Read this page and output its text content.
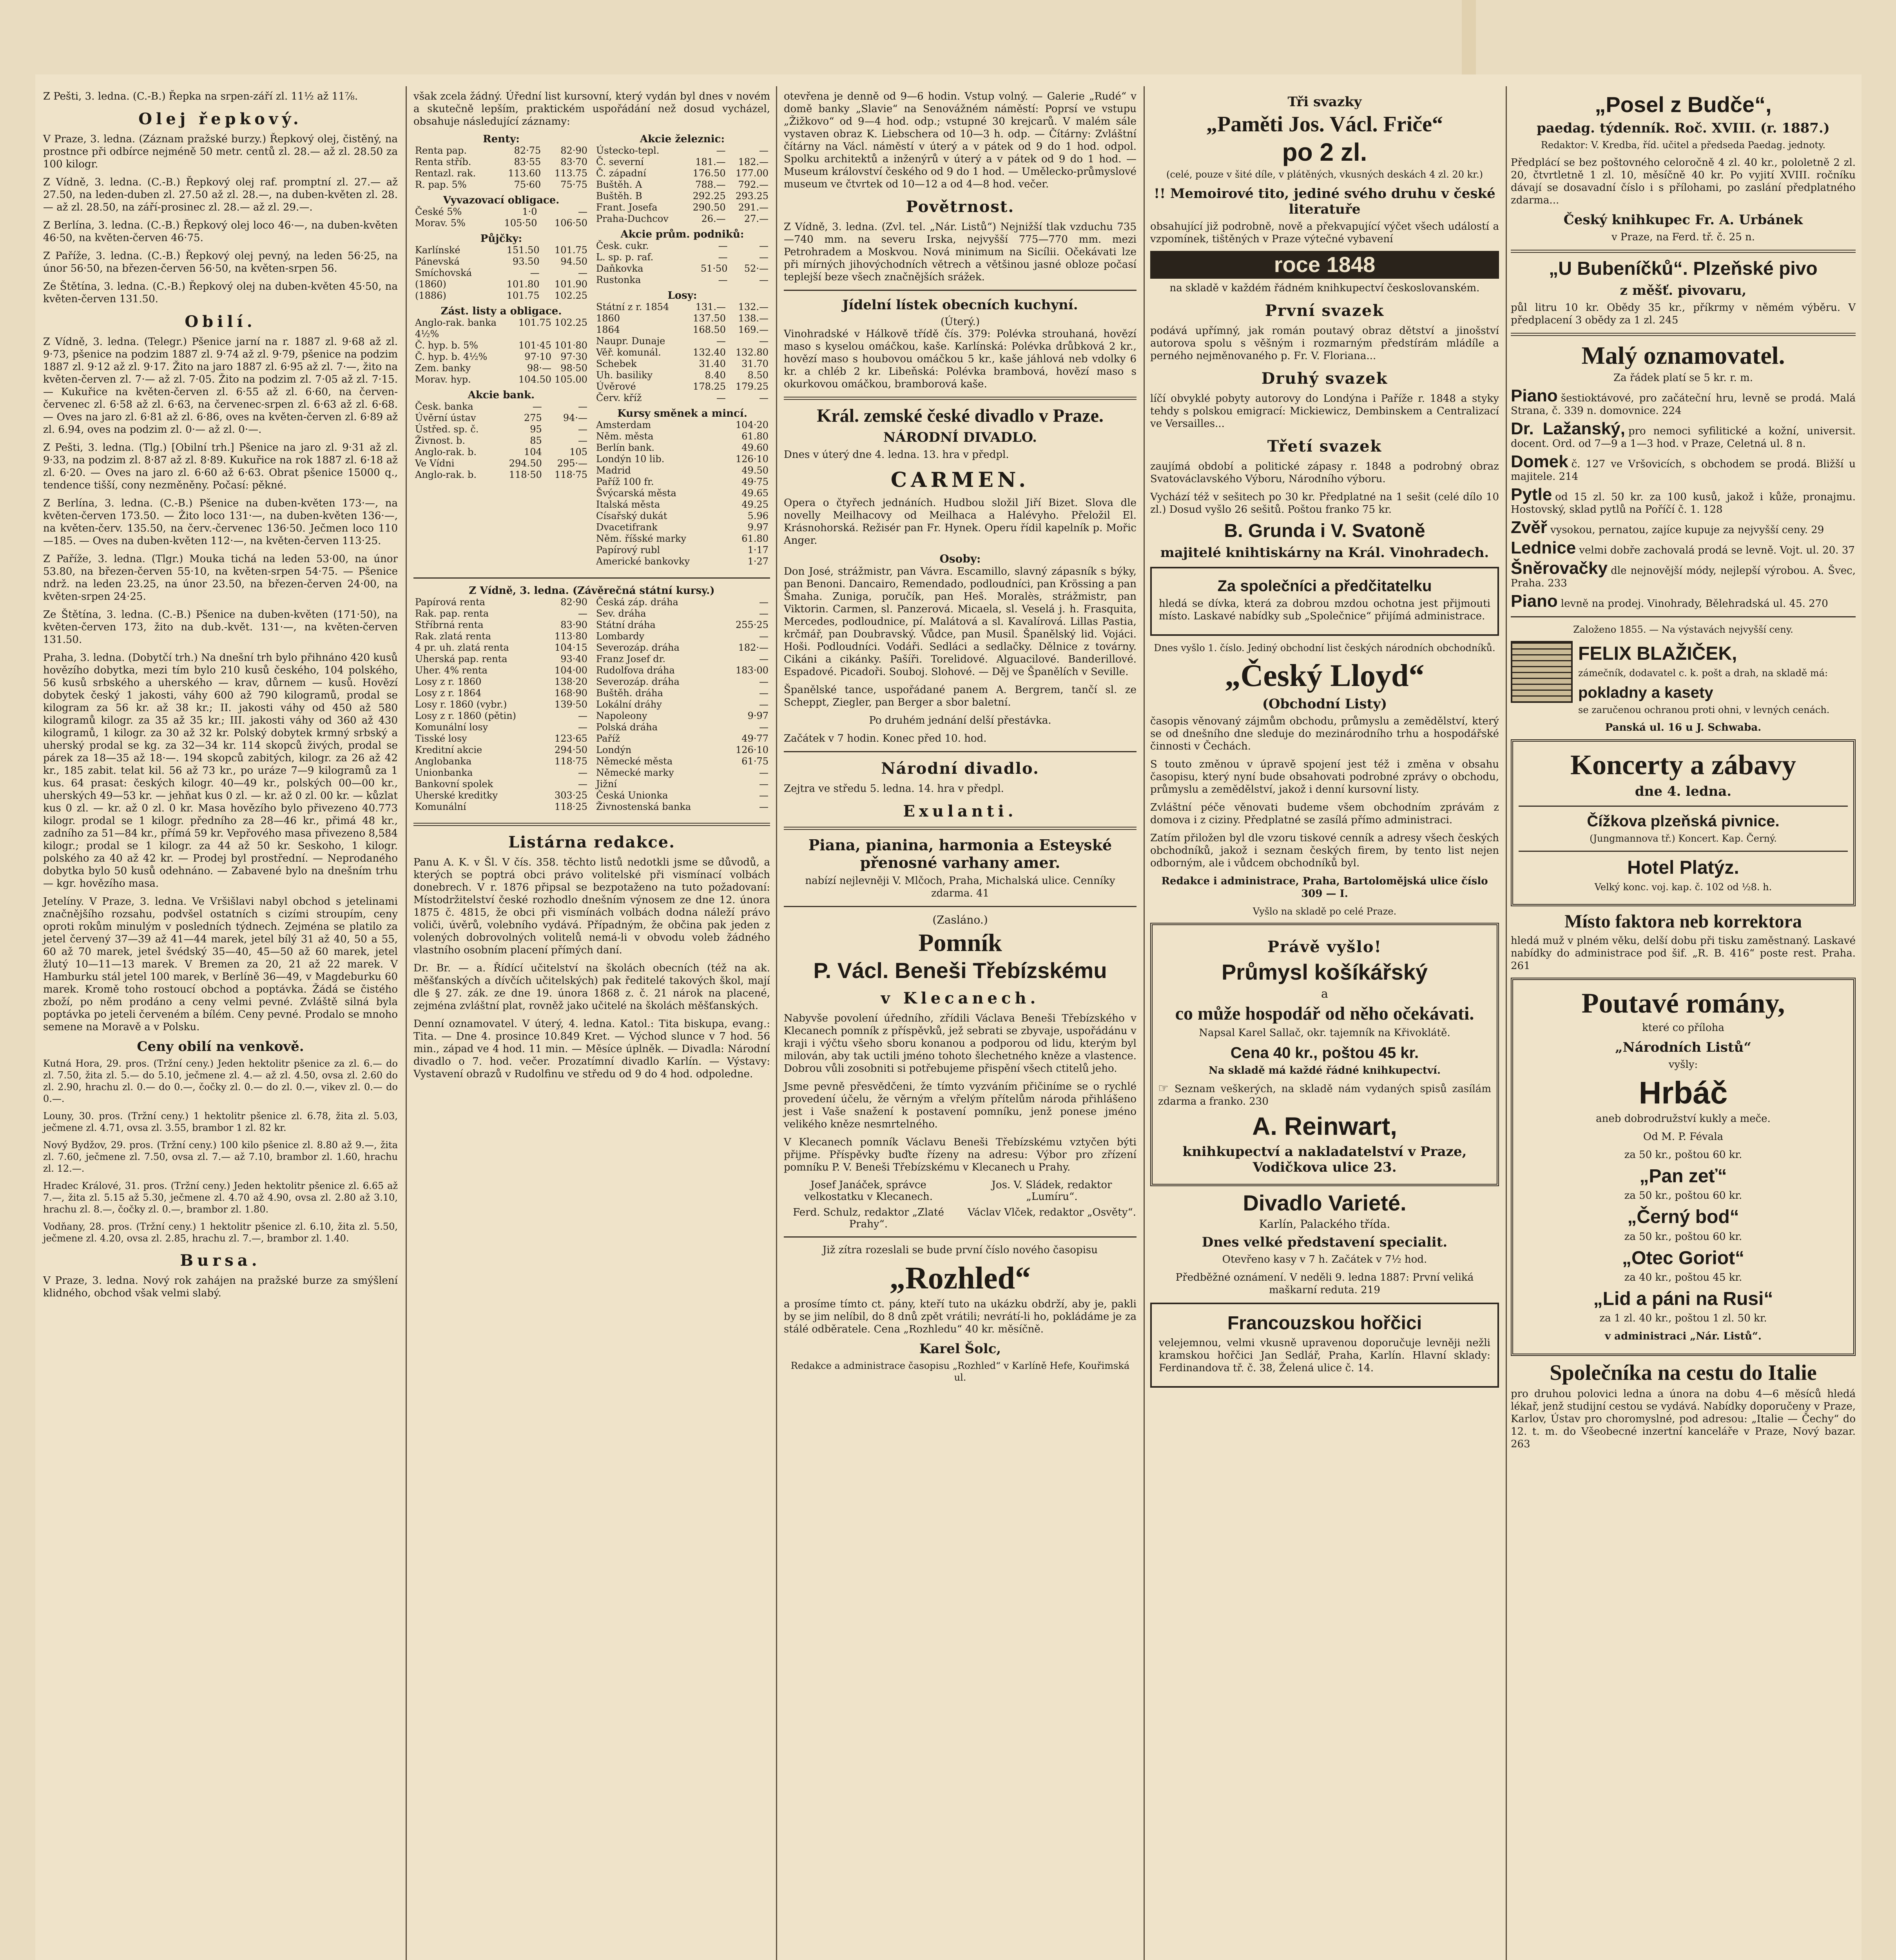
Z Pešti, 3. ledna. (C.-B.) Řepka na srpen-září zl. 11½ až 11⅞.

Olej řepkový.

V Praze, 3. ledna. (Záznam pražské burzy.) Řepkový olej, čistěný, na prostnce při odbírce nejméně 50 metr. centů zl. 28.— až zl. 28.50 za 100 kilogr.

Z Vídně, 3. ledna. (C.-B.) Řepkový olej raf. promptní zl. 27.— až 27.50, na leden-duben zl. 27.50 až zl. 28.—, na duben-květen zl. 28.— až zl. 28.50, na září-prosinec zl. 28.— až zl. 29.—.

Z Berlína, 3. ledna. (C.-B.) Řepkový olej loco 46·—, na duben-květen 46·50, na květen-červen 46·75.

Z Paříže, 3. ledna. (C.-B.) Řepkový olej pevný, na leden 56·25, na únor 56·50, na březen-červen 56·50, na květen-srpen 56.

Ze Štětína, 3. ledna. (C.-B.) Řepkový olej na duben-květen 45·50, na květen-červen 131.50.

Obilí.

Z Vídně, 3. ledna. (Telegr.) Pšenice jarní na r. 1887 zl. 9·68 až zl. 9·73, pšenice na podzim 1887 zl. 9·74 až zl. 9·79, pšenice na podzim 1887 zl. 9·12 až zl. 9·17. Žito na jaro 1887 zl. 6·95 až zl. 7·—, žito na květen-červen zl. 7·— až zl. 7·05. Žito na podzim zl. 7·05 až zl. 7·15. — Kukuřice na květen-červen zl. 6·55 až zl. 6·60, na červen-červenec zl. 6·58 až zl. 6·63, na červenec-srpen zl. 6·63 až zl. 6·68. — Oves na jaro zl. 6·81 až zl. 6·86, oves na květen-červen zl. 6·89 až zl. 6.94, oves na podzim zl. 0·— až zl. 0·—.

Z Pešti, 3. ledna. (Tlg.) [Obilní trh.] Pšenice na jaro zl. 9·31 až zl. 9·33, na podzim zl. 8·87 až zl. 8·89. Kukuřice na rok 1887 zl. 6·18 až zl. 6·20. — Oves na jaro zl. 6·60 až 6·63. Obrat pšenice 15000 q., tendence tišší, cony nezměněny. Počasí: pěkné.

Z Berlína, 3. ledna. (C.-B.) Pšenice na duben-květen 173·—, na květen-červen 173.50. — Žito loco 131·—, na duben-květen 136·—, na květen-červ. 135.50, na červ.-červenec 136·50. Ječmen loco 110—185. — Oves na duben-květen 112·—, na květen-červen 113·25.

Z Paříže, 3. ledna. (Tlgr.) Mouka tichá na leden 53·00, na únor 53.80, na březen-červen 55·10, na květen-srpen 54·75. — Pšenice ndrž. na leden 23.25, na únor 23.50, na březen-červen 24·00, na květen-srpen 24·25.

Ze Štětína, 3. ledna. (C.-B.) Pšenice na duben-květen (171·50), na květen-červen 173, žito na dub.-květ. 131·—, na květen-červen 131.50.

Praha, 3. ledna. (Dobytčí trh.) Na dnešní trh bylo přihnáno 420 kusů hovězího dobytka, mezi tím bylo 210 kusů českého, 104 polského, 56 kusů srbského a uherského — krav, důrnem — kusů. Hovězí dobytek český 1 jakosti, váhy 600 až 790 kilogramů, prodal se kilogram za 56 kr. až 38 kr.; II. jakosti váhy od 450 až 580 kilogramů kilogr. za 35 až 35 kr.; III. jakosti váhy od 360 až 430 kilogramů, 1 kilogr. za 30 až 32 kr. Polský dobytek krmný srbský a uherský prodal se kg. za 32—34 kr. 114 skopců živých, prodal se párek za 18—35 až 18·—. 194 skopců zabitých, kilogr. za 26 až 42 kr., 185 zabit. telat kil. 56 až 73 kr., po uráze 7—9 kilogramů za 1 kus. 64 prasat: českých kilogr. 40—49 kr., polských 00—00 kr., uherských 49—53 kr. — jehňat kus 0 zl. — kr. až 0 zl. 00 kr. — kůzlat kus 0 zl. — kr. až 0 zl. 0 kr. Masa hovězího bylo přivezeno 40.773 kilogr. prodal se 1 kilogr. předního za 28—46 kr., přimá 48 kr., zadního za 51—84 kr., přímá 59 kr. Vepřového masa přivezeno 8,584 kilogr.; prodal se 1 kilogr. za 44 až 50 kr. Seskoho, 1 kilogr. polského za 40 až 42 kr. — Prodej byl prostřední. — Neprodaného dobytka bylo 50 kusů odehnáno. — Zabavené bylo na dnešním trhu — kgr. hovězího masa.

Jetelíny. V Praze, 3. ledna. Ve Vršišlavi nabyl obchod s jetelinami značnějšího rozsahu, podvšel ostatních s cizími stroupím, ceny oproti rokům minulým v posledních týdnech. Zejména se platilo za jetel červený 37—39 až 41—44 marek, jetel bílý 31 až 40, 50 a 55, 60 až 70 marek, jetel švédský 35—40, 45—50 až 60 marek, jetel žlutý 10—11—13 marek. V Bremen za 20, 21 až 22 marek. V Hamburku stál jetel 100 marek, v Berlíně 36—49, v Magdeburku 60 marek. Kromě toho rostoucí obchod a poptávka. Žádá se čistého zboží, po něm prodáno a ceny velmi pevné. Zvláště silná byla poptávka po jeteli červeném a bílém. Ceny pevné. Prodalo se mnoho semene na Moravě a v Polsku.

Ceny obilí na venkově.

Kutná Hora, 29. pros. (Tržní ceny.) Jeden hektolitr pšenice za zl. 6.— do zl. 7.50, žita zl. 5.— do 5.10, ječmene zl. 4.— až zl. 4.50, ovsa zl. 2.60 do zl. 2.90, hrachu zl. 0.— do 0.—, čočky zl. 0.— do zl. 0.—, vikev zl. 0.— do 0.—.

Louny, 30. pros. (Tržní ceny.) 1 hektolitr pšenice zl. 6.78, žita zl. 5.03, ječmene zl. 4.71, ovsa zl. 3.55, brambor 1 zl. 82 kr.

Nový Bydžov, 29. pros. (Tržní ceny.) 100 kilo pšenice zl. 8.80 až 9.—, žita zl. 7.60, ječmene zl. 7.50, ovsa zl. 7.— až 7.10, brambor zl. 1.60, hrachu zl. 12.—.

Hradec Králové, 31. pros. (Tržní ceny.) Jeden hektolitr pšenice zl. 6.65 až 7.—, žita zl. 5.15 až 5.30, ječmene zl. 4.70 až 4.90, ovsa zl. 2.80 až 3.10, hrachu zl. 8.—, čočky zl. 0.—, brambor zl. 1.80.

Vodňany, 28. pros. (Tržní ceny.) 1 hektolitr pšenice zl. 6.10, žita zl. 5.50, ječmene zl. 4.20, ovsa zl. 2.85, hrachu zl. 7.—, brambor zl. 1.40.

Bursa.

V Praze, 3. ledna. Nový rok zahájen na pražské burze za smýšlení klidného, obchod však velmi slabý.

však zcela žádný. Úřední list kursovní, který vydán byl dnes v novém a skutečně lepším, praktickém uspořádání než dosud vycházel, obsahuje následující záznamy:

Renty:
Renta pap.	82·75	82·90
Renta stříb.	83·55	83·70
Rentazl. rak.	113.60	113.75
R. pap. 5%	75·60	75·75
Vyvazovací obligace.
České 5%	1·0	—
Morav. 5%	105·50	106·50
Půjčky:
Karlínské	151.50	101.75
Pánevská	93.50	94.50
Smíchovská	—	—
(1860)	101.80	101.90
(1886)	101.75	102.25
Zást. listy a obligace.
Anglo-rak. banka 4½%	101.75	102.25
Č. hyp. b. 5%	101·45	101·80
Č. hyp. b. 4½%	97·10	97·30
Zem. banky	98·—	98·50
Morav. hyp.	104.50	105.00
Akcie bank.
Česk. banka	—	—
Úvěrní ústav	275	94·—
Ústřed. sp. č.	95	—
Živnost. b.	85	—
Anglo-rak. b.	104	105
Ve Vídni	294.50	295·—
Anglo-rak. b.	118·50	118·75
Akcie železnic:
Ústecko-tepl.	—	—
Č. severní	181.—	182.—
Č. západní	176.50	177.00
Buštěh. A	788.—	792.—
Buštěh. B	292.25	293.25
Frant. Josefa	290.50	291.—
Praha-Duchcov	26.—	27.—
Akcie prům. podniků:
Česk. cukr.	—	—
L. sp. p. raf.	—	—
Daňkovka	51·50	52·—
Rustonka	—	—
Losy:
Státní z r. 1854	131.—	132.—
1860	137.50	138.—
1864	168.50	169.—
Naupr. Dunaje	—	—
Věř. komunál.	132.40	132.80
Schebek	31.40	31.70
Uh. basiliky	8.40	8.50
Úvěrové	178.25	179.25
Červ. kříž	—	—
Kursy směnek a mincí.
Amsterdam	104·20
Něm. města	61.80
Berlín bank.	49.60
Londýn 10 lib.	126·10
Madrid	49.50
Paříž 100 fr.	49·75
Švýcarská města	49.65
Italská města	49.25
Císařský dukát	5.96
Dvacetifrank	9.97
Něm. říšské marky	61.80
Papírový rubl	1·17
Americké bankovky	1·27
Z Vídně, 3. ledna. (Závěrečná státní kursy.)
Papírová renta	82·90
Rak. pap. renta	—
Stříbrná renta	83·90
Rak. zlatá renta	113·80
4 pr. uh. zlatá renta	104·15
Uherská pap. renta	93·40
Uher. 4% renta	104·00
Losy z r. 1860	138·20
Losy z r. 1864	168·90
Losy r. 1860 (vybr.)	139·50
Losy z r. 1860 (pětin)	—
Komunální losy	—
Tisské losy	123·65
Kreditní akcie	294·50
Anglobanka	118·75
Unionbanka	—
Bankovní spolek	—
Uherské kreditky	303·25
Komunální	118·25
Česká záp. dráha	—
Sev. dráha	—
Státní dráha	255·25
Lombardy	—
Severozáp. dráha	182·—
Franz Josef dr.	—
Rudolfova dráha	183·00
Severozáp. dráha	—
Buštěh. dráha	—
Lokální dráhy	—
Napoleony	9·97
Polská dráha	—
Paříž	49·77
Londýn	126·10
Německé města	61·75
Německé marky	—
Jižní	—
Česká Unionka	—
Živnostenská banka	—
Listárna redakce.

Panu A. K. v Šl. V čís. 358. těchto listů nedotkli jsme se důvodů, a kterých se poptrá obci právo volitelské při vismínací volbách donebrech. V r. 1876 připsal se bezpotaženo na tuto požadovaní: Místodržitelství české rozhodlo dnešním výnosem ze dne 12. února 1875 č. 4815, že obci při vismínách volbách dodna náleží právo voliči, úvěrů, volebního vydává. Případným, že občina pak jeden z volených dobrovolných volitelů nemá-li v obvodu voleb žádného vlastního osobním placení přímých daní.

Dr. Br. — a. Řídící učitelství na školách obecních (též na ak. měšťanských a dívčích učitelských) pak ředitelé takových škol, mají dle § 27. zák. ze dne 19. února 1868 z. č. 21 nárok na placené, zejména zvláštní plat, rovněž jako učitelé na školách měšťanských.

Denní oznamovatel. V úterý, 4. ledna. Katol.: Tita biskupa, evang.: Tita. — Dne 4. prosince 10.849 Kret. — Východ slunce v 7 hod. 56 min., západ ve 4 hod. 11 min. — Měsíce úplněk. — Divadla: Národní divadlo o 7. hod. večer. Prozatímní divadlo Karlín. — Výstavy: Vystavení obrazů v Rudolfinu ve středu od 9 do 4 hod. odpoledne.

otevřena je denně od 9—6 hodin. Vstup volný. — Galerie „Rudé“ v domě banky „Slavie“ na Senovážném náměstí: Poprsí ve vstupu „Žižkovo“ od 9—4 hod. odp.; vstupné 30 krejcarů. V malém sále vystaven obraz K. Liebschera od 10—3 h. odp. — Čítárny: Zvláštní čítárny na Václ. náměstí v úterý a v pátek od 9 do 1 hod. odpol. Spolku architektů a inženýrů v úterý a v pátek od 9 do 1 hod. — Museum království českého od 9 do 1 hod. — Umělecko-průmyslové museum ve čtvrtek od 10—12 a od 4—8 hod. večer.

Povětrnost.

Z Vídně, 3. ledna. (Zvl. tel. „Nár. Listů“) Nejnižší tlak vzduchu 735—740 mm. na severu Irska, nejvyšší 775—770 mm. mezi Petrohradem a Moskvou. Nová minimum na Sicílii. Očekávati lze při mírných jihovýchodních větrech a většinou jasné obloze počasí teplejší beze všech značnějších srážek.

Jídelní lístek obecních kuchyní.
(Úterý.)

Vinohradské v Hálkově třídě čís. 379: Polévka strouhaná, hovězí maso s kyselou omáčkou, kaše. Karlínská: Polévka drůbková 2 kr., hovězí maso s houbovou omáčkou 5 kr., kaše jáhlová neb vdolky 6 kr. a chléb 2 kr. Libeňská: Polévka brambová, hovězí maso s okurkovou omáčkou, bramborová kaše.

Král. zemské české divadlo v Praze.
NÁRODNÍ DIVADLO.

Dnes v úterý dne 4. ledna. 13. hra v předpl.

CARMEN.

Opera o čtyřech jednáních. Hudbou složil Jiří Bizet. Slova dle novelly Meilhacovy od Meilhaca a Halévyho. Přeložil El. Krásnohorská. Režisér pan Fr. Hynek. Operu řídil kapelník p. Mořic Anger.

Osoby:

Don José, strážmistr, pan Vávra. Escamillo, slavný zápasník s býky, pan Benoni. Dancairo, Remendado, podloudníci, pan Krössing a pan Šmaha. Zuniga, poručík, pan Heš. Moralès, strážmistr, pan Viktorin. Carmen, sl. Panzerová. Micaela, sl. Veselá j. h. Frasquita, Mercedes, podloudnice, pí. Malátová a sl. Kavalírová. Lillas Pastia, krčmář, pan Doubravský. Vůdce, pan Musil. Španělský lid. Vojáci. Hoši. Podloudníci. Vodáři. Sedláci a sedlačky. Dělnice z továrny. Cikáni a cikánky. Pašíři. Torelidové. Alguacilové. Banderillové. Espadové. Picadoři. Souboj. Slohové. — Děj ve Španělích v Seville.

Španělské tance, uspořádané panem A. Bergrem, tančí sl. ze Scheppt, Ziegler, pan Berger a sbor baletní.

Po druhém jednání delší přestávka.

Začátek v 7 hodin. Konec před 10. hod.

Národní divadlo.

Zejtra ve středu 5. ledna. 14. hra v předpl.

Exulanti.
Piana, pianina, harmonia a Esteyské přenosné varhany amer.

nabízí nejlevněji V. Mlčoch, Praha, Michalská ulice. Cenníky zdarma. 41

(Zasláno.)
Pomník
P. Václ. Beneši Třebízskému
v Klecanech.

Nabyvše povolení úředního, zřídili Václava Beneši Třebízského v Klecanech pomník z příspěvků, jež sebrati se zbyvaje, uspořádánu v kraji i výčtu všeho sboru konanou a podporou od lidu, kterým byl milován, aby tak uctili jméno tohoto šlechetného kněze a vlastence. Dobrou vůli zosobniti si potřebujeme přispění všech ctitelů jeho.

Jsme pevně přesvědčeni, že tímto vyzváním přičiníme se o rychlé provedení účelu, že věrným a vřelým přítelům národa přihlášeno jest i Vaše snažení k postavení pomníku, jenž ponese jméno velikého kněze nesmrtelného.

V Klecanech pomník Václavu Beneši Třebízskému vztyčen býti přijme. Příspěvky buďte řízeny na adresu: Výbor pro zřízení pomníku P. V. Beneši Třebízskému v Klecanech u Prahy.

Josef Janáček, správce velkostatku v Klecanech.
Jos. V. Sládek, redaktor „Lumíru“.
Ferd. Schulz, redaktor „Zlaté Prahy“.
Václav Vlček, redaktor „Osvěty“.

Již zítra rozeslali se bude první číslo nového časopisu

„Rozhled“

a prosíme tímto ct. pány, kteří tuto na ukázku obdrží, aby je, pakli by se jim nelíbil, do 8 dnů zpět vrátili; nevrátí-li ho, pokládáme je za stálé odběratele. Cena „Rozhledu“ 40 kr. měsíčně.

Karel Šolc,

Redakce a administrace časopisu „Rozhled“ v Karlíně Hefe, Kouřimská ul.

Tři svazky
„Paměti Jos. Václ. Friče“
po 2 zl.

(celé, pouze v šité díle, v plátěných, vkusných deskách 4 zl. 20 kr.)

!! Memoirové tito, jediné svého druhu v české literatuře

obsahující již podrobně, nově a překvapující výčet všech událostí a vzpomínek, tištěných v Praze výtečné vybavení

roce 1848

na skladě v každém řádném knihkupectví českoslovanském.

První svazek

podává upřímný, jak román poutavý obraz dětství a jinošství autorova spolu s věšným i rozmarným předstírám mládíle a perného nejměnovaného p. Fr. V. Floriana...

Druhý svazek

líčí obvyklé pobyty autorovy do Londýna i Paříže r. 1848 a styky tehdy s polskou emigrací: Mickiewicz, Dembinskem a Centralizací ve Versailles...

Třetí svazek

zaujímá období a politické zápasy r. 1848 a podrobný obraz Svatováclavského Výboru, Národního výboru.

Vychází též v sešitech po 30 kr. Předplatné na 1 sešit (celé dílo 10 zl.) Dosud vyšlo 26 sešitů. Poštou franko 75 kr.

B. Grunda i V. Svatoně
majitelé knihtiskárny na Král. Vinohradech.
Za společníci a předčitatelku

hledá se dívka, která za dobrou mzdou ochotna jest přijmouti místo. Laskavé nabídky sub „Společnice“ přijímá administrace.

Dnes vyšlo 1. číslo. Jediný obchodní list českých národních obchodníků.

„Český Lloyd“
(Obchodní Listy)

časopis věnovaný zájmům obchodu, průmyslu a zemědělství, který se od dnešního dne sleduje do mezinárodního trhu a hospodářské činnosti v Čechách.

S touto změnou v úpravě spojení jest též i změna v obsahu časopisu, který nyní bude obsahovati podrobné zprávy o obchodu, průmyslu a zemědělství, jakož i denní kursovní listy.

Zvláštní péče věnovati budeme všem obchodním zprávám z domova i z ciziny. Předplatné se zasílá přímo administraci.

Zatím přiložen byl dle vzoru tiskové cenník a adresy všech českých obchodníků, jakož i seznam českých firem, by tento list nejen odborným, ale i vůdcem obchodníků byl.

Redakce i administrace, Praha, Bartolomějská ulice číslo 309 — I.

Vyšlo na skladě po celé Praze.

Právě vyšlo!
Průmysl košíkářský
a
co může hospodář od něho očekávati.

Napsal Karel Sallač, okr. tajemník na Křivoklátě.

Cena 40 kr., poštou 45 kr.

Na skladě má každé řádné knihkupectví.

☞ Seznam veškerých, na skladě nám vydaných spisů zasílám zdarma a franko. 230

A. Reinwart,
knihkupectví a nakladatelství v Praze, Vodičkova ulice 23.
Divadlo Varieté.
Karlín, Palackého třída.
Dnes velké představení specialit.

Otevřeno kasy v 7 h. Začátek v 7½ hod.

Předběžné oznámení. V neděli 9. ledna 1887: První veliká maškarní reduta. 219

Francouzskou hořčici

velejemnou, velmi vkusně upravenou doporučuje levněji nežli kramskou hořčici Jan Sedlář, Praha, Karlín. Hlavní sklady: Ferdinandova tř. č. 38, Želená ulice č. 14.

„Posel z Budče“,
paedag. týdenník. Roč. XVIII. (r. 1887.)

Redaktor: V. Kredba, říd. učitel a předseda Paedag. jednoty.

Předplácí se bez poštovného celoročně 4 zl. 40 kr., pololetně 2 zl. 20, čtvrtletně 1 zl. 10, měsíčně 40 kr. Po vyjití XVIII. ročníku dávají se dosavadní číslo i s přílohami, po zaslání předplatného zdarma...

Český knihkupec Fr. A. Urbánek

v Praze, na Ferd. tř. č. 25 n.

„U Bubeníčků“. Plzeňské pivo
z měšť. pivovaru,

půl litru 10 kr. Obědy 35 kr., příkrmy v němém výběru. V předplacení 3 obědy za 1 zl. 245

Malý oznamovatel.

Za řádek platí se 5 kr. r. m.

Piano šestioktávové, pro začáteční hru, levně se prodá. Malá Strana, č. 339 n. domovnice. 224

Dr. Lažanský, pro nemoci syfilitické a kožní, universit. docent. Ord. od 7—9 a 1—3 hod. v Praze, Celetná ul. 8 n.

Domek č. 127 ve Vršovicích, s obchodem se prodá. Bližší u majitele. 214

Pytle od 15 zl. 50 kr. za 100 kusů, jakož i kůže, pronajmu. Hostovský, sklad pytlů na Poříčí č. 1. 128

Zvěř vysokou, pernatou, zajíce kupuje za nejvyšší ceny. 29

Lednice velmi dobře zachovalá prodá se levně. Vojt. ul. 20. 37

Šněrovačky dle nejnovější módy, nejlepší výrobou. A. Švec, Praha. 233

Piano levně na prodej. Vinohrady, Bělehradská ul. 45. 270

Založeno 1855. — Na výstavách nejvyšší ceny.

FELIX BLAŽIČEK,

zámečník, dodavatel c. k. pošt a drah, na skladě má:

pokladny a kasety

se zaručenou ochranou proti ohni, v levných cenách.

Panská ul. 16 u J. Schwaba.

Koncerty a zábavy
dne 4. ledna.
Čížkova plzeňská pivnice.

(Jungmannova tř.) Koncert. Kap. Černý.

Hotel Platýz.

Velký konc. voj. kap. č. 102 od ½8. h.

Místo faktora neb korrektora

hledá muž v plném věku, delší dobu při tisku zaměstnaný. Laskavé nabídky do administrace pod šif. „R. B. 416“ poste rest. Praha. 261

Poutavé romány,

které co příloha

„Národních Listů“

vyšly:

Hrbáč

aneb dobrodružství kukly a meče.

Od M. P. Févala

za 50 kr., poštou 60 kr.

„Pan zeť“

za 50 kr., poštou 60 kr.

„Černý bod“

za 50 kr., poštou 60 kr.

„Otec Goriot“

za 40 kr., poštou 45 kr.

„Lid a páni na Rusi“

za 1 zl. 40 kr., poštou 1 zl. 50 kr.

v administraci „Nár. Listů“.

Společníka na cestu do Italie

pro druhou polovici ledna a února na dobu 4—6 měsíců hledá lékař, jenž studijní cestou se vydává. Nabídky doporučeny v Praze, Karlov, Ústav pro choromyslné, pod adresou: „Italie — Čechy“ do 12. t. m. do Všeobecné inzertní kanceláře v Praze, Nový bazar. 263
